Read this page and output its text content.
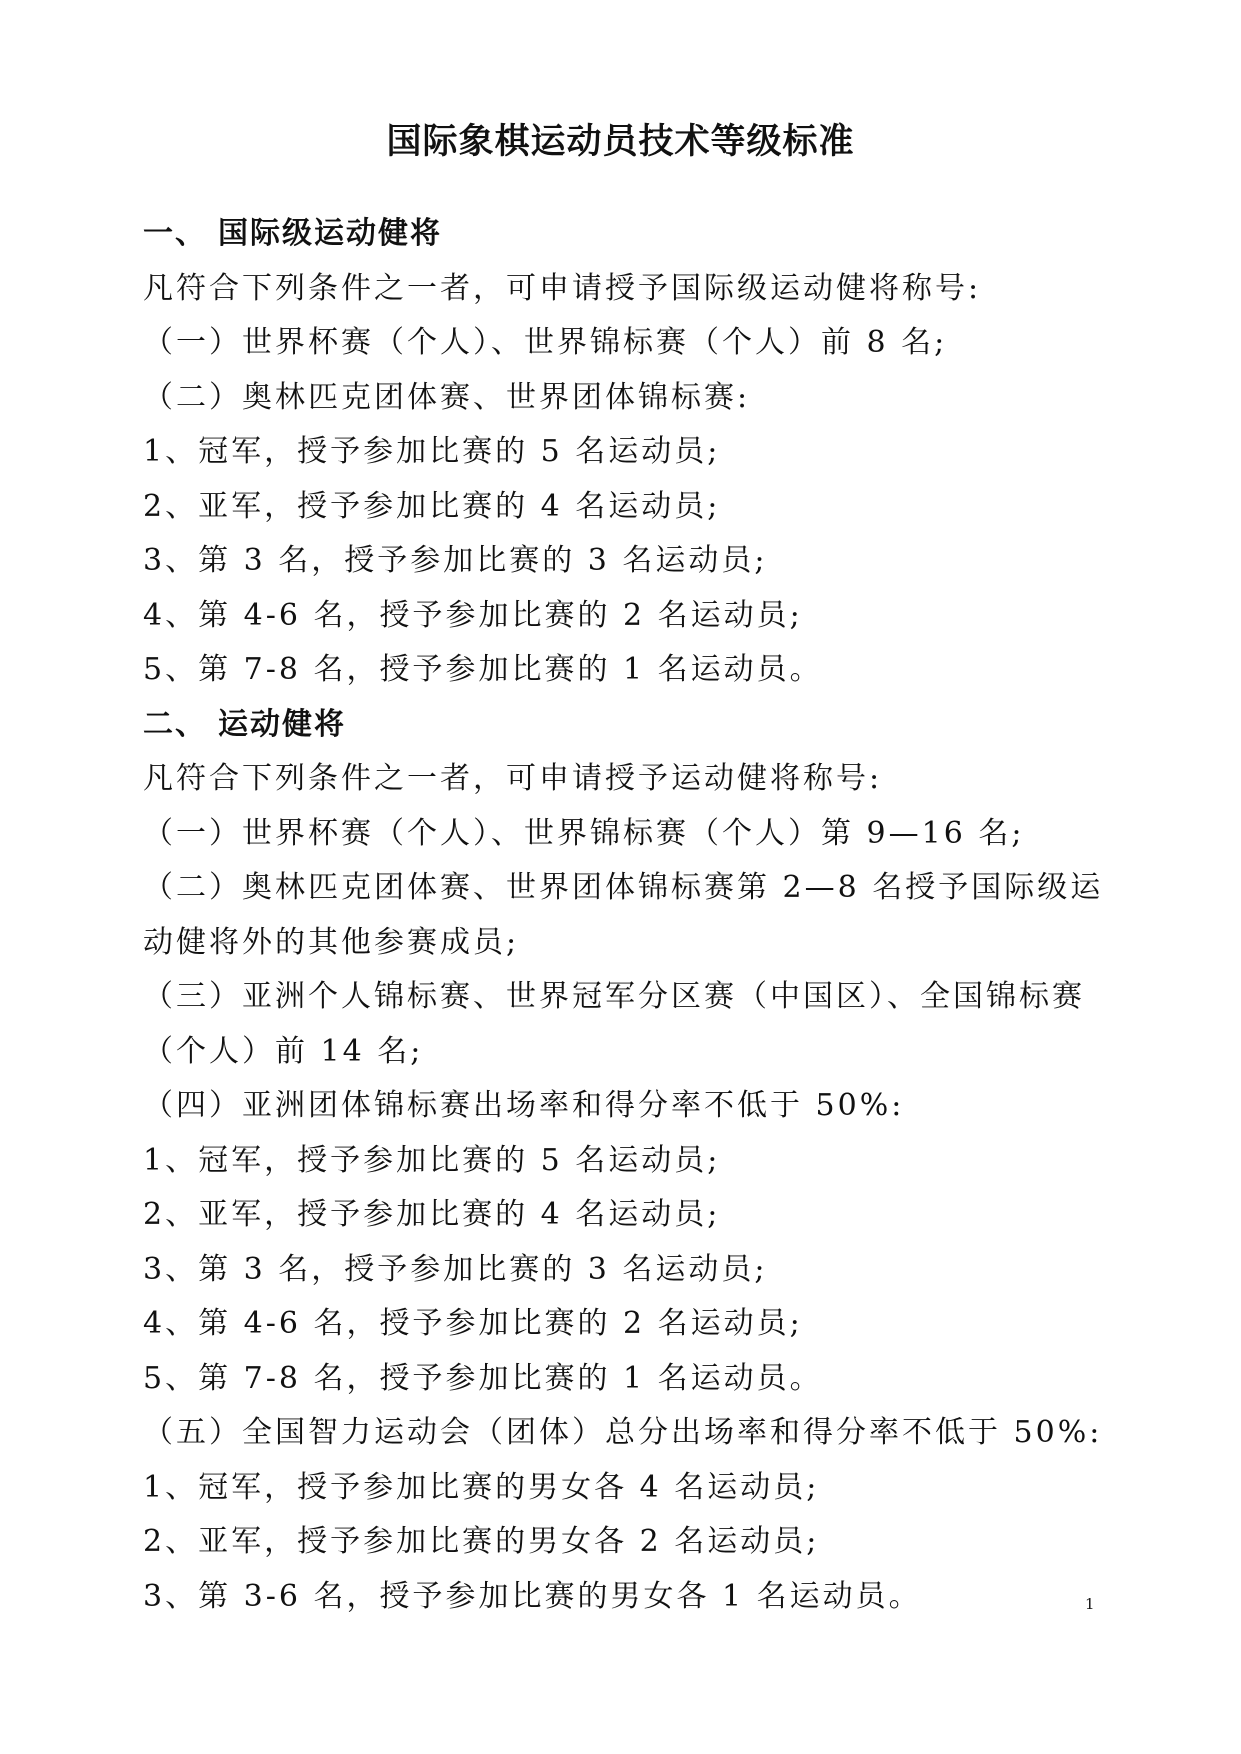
国际象棋运动员技术等级标准
一、 国际级运动健将
凡符合下列条件之一者，可申请授予国际级运动健将称号:
（一）世界杯赛（个人）、世界锦标赛（个人）前 8 名;
（二）奥林匹克团体赛、世界团体锦标赛:
1、冠军，授予参加比赛的 5 名运动员;
2、亚军，授予参加比赛的 4 名运动员;
3、第 3 名，授予参加比赛的 3 名运动员;
4、第 4-6 名，授予参加比赛的 2 名运动员;
5、第 7-8 名，授予参加比赛的 1 名运动员。
二、 运动健将
凡符合下列条件之一者，可申请授予运动健将称号:
（一）世界杯赛（个人）、世界锦标赛（个人）第 9—16 名;
（二）奥林匹克团体赛、世界团体锦标赛第 2—8 名授予国际级运
动健将外的其他参赛成员;
（三）亚洲个人锦标赛、世界冠军分区赛（中国区）、全国锦标赛
（个人）前 14 名;
（四）亚洲团体锦标赛出场率和得分率不低于 50%:
1、冠军，授予参加比赛的 5 名运动员;
2、亚军，授予参加比赛的 4 名运动员;
3、第 3 名，授予参加比赛的 3 名运动员;
4、第 4-6 名，授予参加比赛的 2 名运动员;
5、第 7-8 名，授予参加比赛的 1 名运动员。
（五）全国智力运动会（团体）总分出场率和得分率不低于 50%:
1、冠军，授予参加比赛的男女各 4 名运动员;
2、亚军，授予参加比赛的男女各 2 名运动员;
3、第 3-6 名，授予参加比赛的男女各 1 名运动员。	1
